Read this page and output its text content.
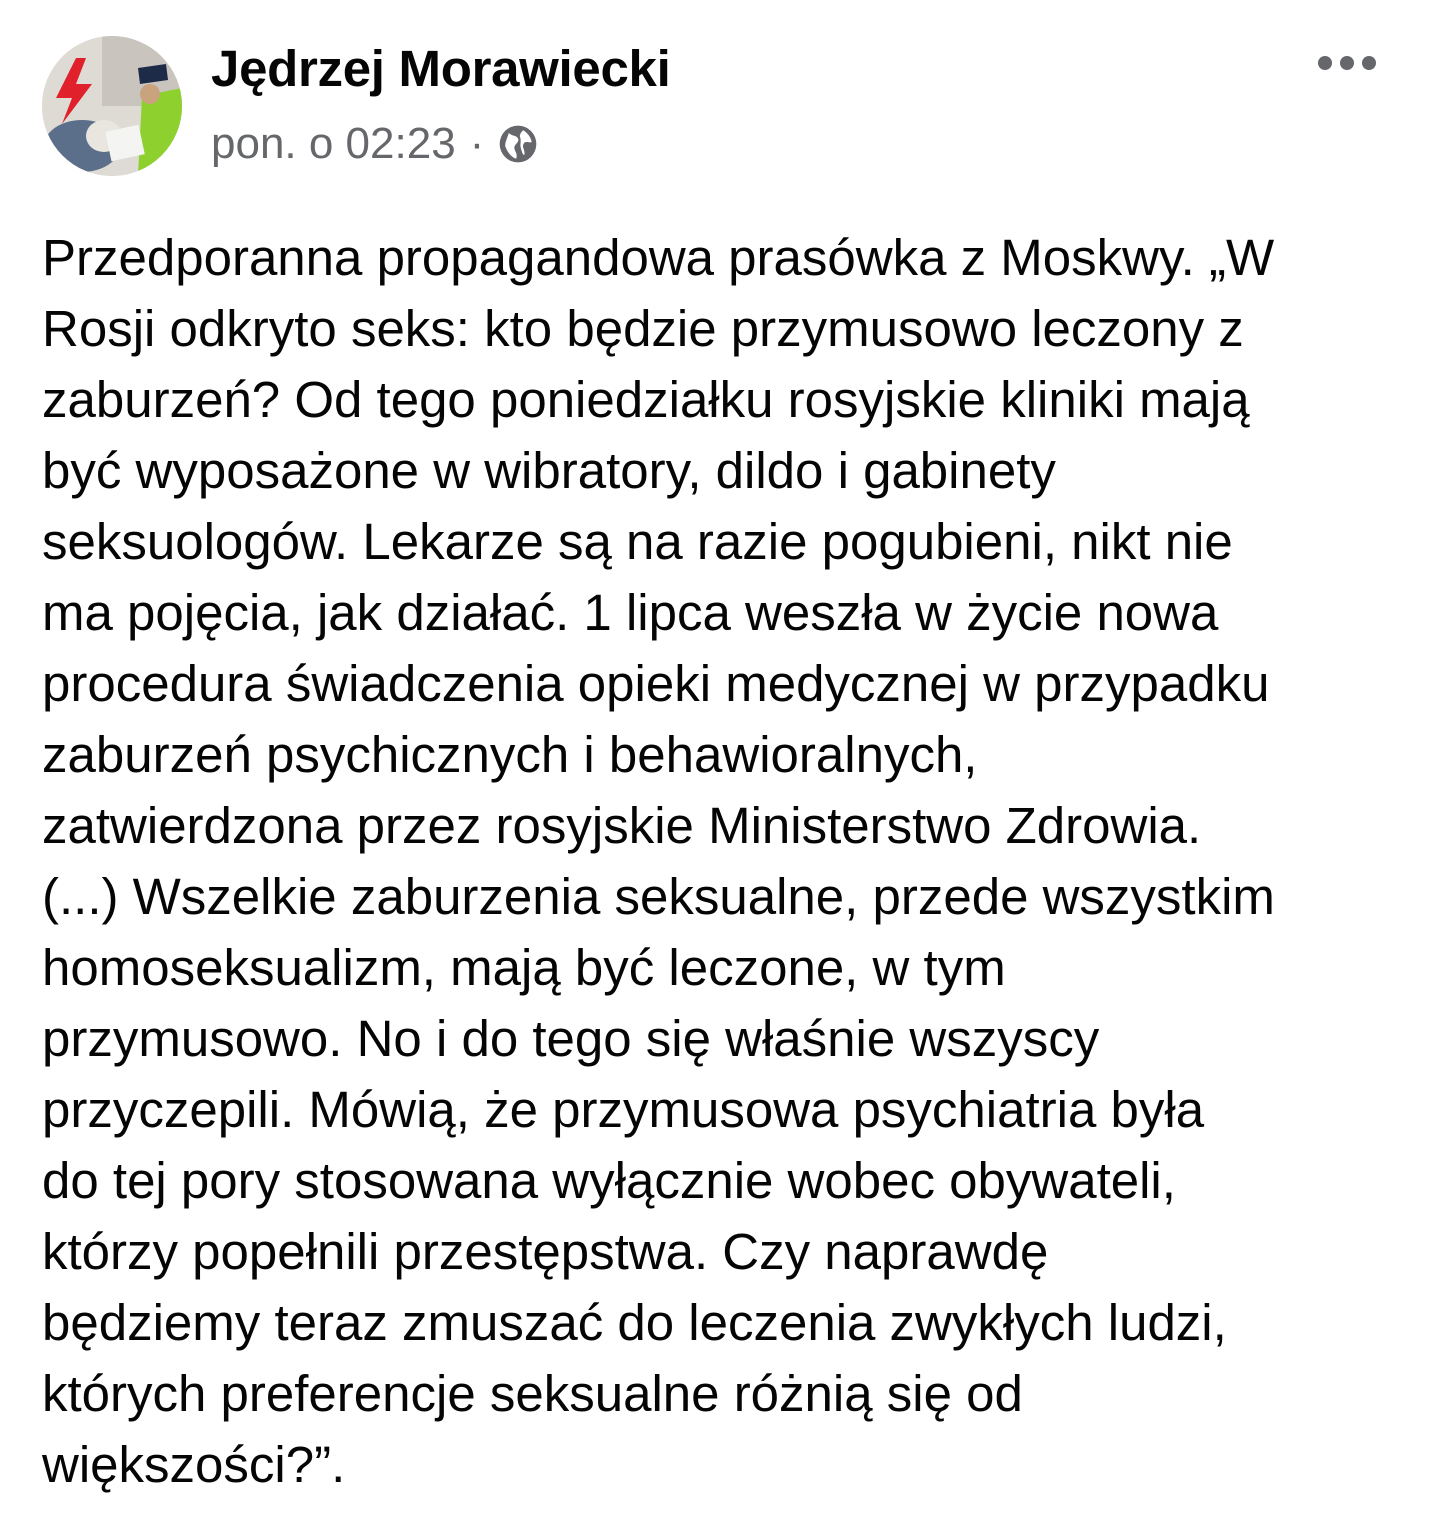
Jędrzej Morawiecki
pon. o 02:23 ·

Przedporanna propagandowa prasówka z Moskwy. „W

Rosji odkryto seks: kto będzie przymusowo leczony z

zaburzeń? Od tego poniedziałku rosyjskie kliniki mają

być wyposażone w wibratory, dildo i gabinety

seksuologów. Lekarze są na razie pogubieni, nikt nie

ma pojęcia, jak działać. 1 lipca weszła w życie nowa

procedura świadczenia opieki medycznej w przypadku

zaburzeń psychicznych i behawioralnych,

zatwierdzona przez rosyjskie Ministerstwo Zdrowia.

(...) Wszelkie zaburzenia seksualne, przede wszystkim

homoseksualizm, mają być leczone, w tym

przymusowo. No i do tego się właśnie wszyscy

przyczepili. Mówią, że przymusowa psychiatria była

do tej pory stosowana wyłącznie wobec obywateli,

którzy popełnili przestępstwa. Czy naprawdę

będziemy teraz zmuszać do leczenia zwykłych ludzi,

których preferencje seksualne różnią się od

większości?”.
